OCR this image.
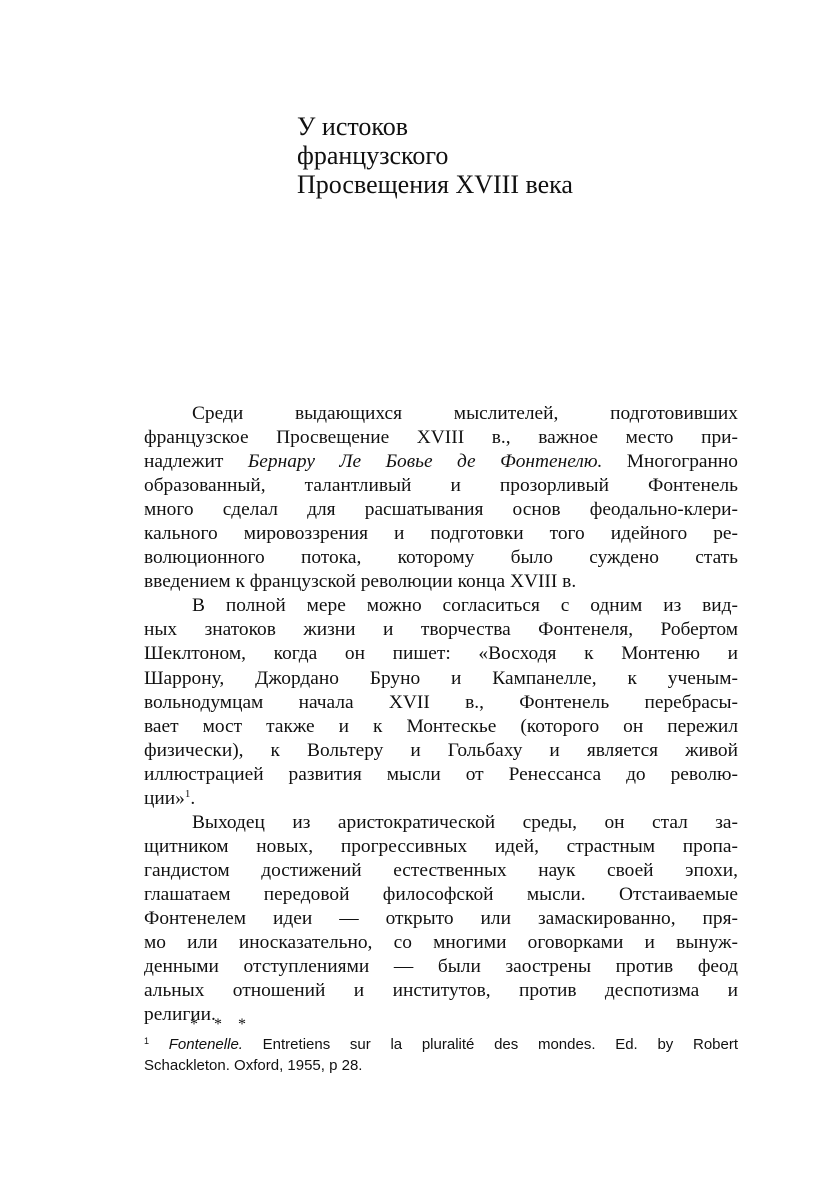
У истоков
французского
Просвещения XVIII века
Среди выдающихся мыслителей, подготовивших
французское Просвещение XVIII в., важное место при-
надлежит Бернару Ле Бовье де Фонтенелю. Многогранно
образованный, талантливый и прозорливый Фонтенель
много сделал для расшатывания основ феодально-клери-
кального мировоззрения и подготовки того идейного ре-
волюционного потока, которому было суждено стать
введением к французской революции конца XVIII в.
В полной мере можно согласиться с одним из вид-
ных знатоков жизни и творчества Фонтенеля, Робертом
Шеклтоном, когда он пишет: «Восходя к Монтеню и
Шаррону, Джордано Бруно и Кампанелле, к ученым-
вольнодумцам начала XVII в., Фонтенель перебрасы-
вает мост также и к Монтескье (которого он пережил
физически), к Вольтеру и Гольбаху и является живой
иллюстрацией развития мысли от Ренессанса до револю-
ции»$^1$.
Выходец из аристократической среды, он стал за-
щитником новых, прогрессивных идей, страстным пропа-
гандистом достижений естественных наук своей эпохи,
глашатаем передовой философской мысли. Отстаиваемые
Фонтенелем идеи — открыто или замаскированно, пря-
мо или иносказательно, со многими оговорками и вынуж-
денными отступлениями — были заострены против феод
альных отношений и институтов, против деспотизма и
религии.
* * *
$^1$ Fontenelle. Entretiens sur la pluralité des mondes. Ed. by Robert
Schackleton. Oxford, 1955, p 28.
